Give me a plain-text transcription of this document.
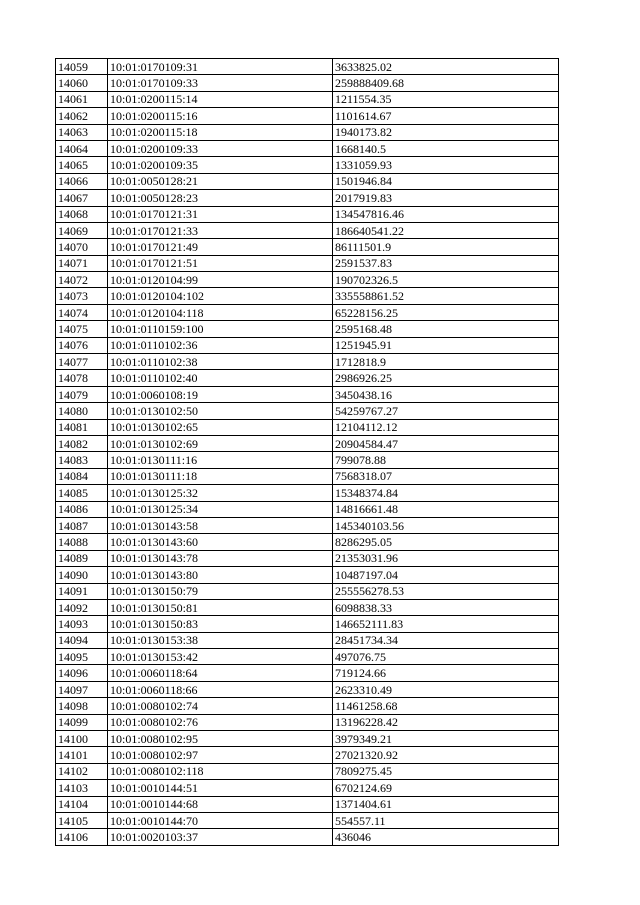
14059	10:01:0170109:31	3633825.02
14060	10:01:0170109:33	259888409.68
14061	10:01:0200115:14	1211554.35
14062	10:01:0200115:16	1101614.67
14063	10:01:0200115:18	1940173.82
14064	10:01:0200109:33	1668140.5
14065	10:01:0200109:35	1331059.93
14066	10:01:0050128:21	1501946.84
14067	10:01:0050128:23	2017919.83
14068	10:01:0170121:31	134547816.46
14069	10:01:0170121:33	186640541.22
14070	10:01:0170121:49	86111501.9
14071	10:01:0170121:51	2591537.83
14072	10:01:0120104:99	190702326.5
14073	10:01:0120104:102	335558861.52
14074	10:01:0120104:118	65228156.25
14075	10:01:0110159:100	2595168.48
14076	10:01:0110102:36	1251945.91
14077	10:01:0110102:38	1712818.9
14078	10:01:0110102:40	2986926.25
14079	10:01:0060108:19	3450438.16
14080	10:01:0130102:50	54259767.27
14081	10:01:0130102:65	12104112.12
14082	10:01:0130102:69	20904584.47
14083	10:01:0130111:16	799078.88
14084	10:01:0130111:18	7568318.07
14085	10:01:0130125:32	15348374.84
14086	10:01:0130125:34	14816661.48
14087	10:01:0130143:58	145340103.56
14088	10:01:0130143:60	8286295.05
14089	10:01:0130143:78	21353031.96
14090	10:01:0130143:80	10487197.04
14091	10:01:0130150:79	255556278.53
14092	10:01:0130150:81	6098838.33
14093	10:01:0130150:83	146652111.83
14094	10:01:0130153:38	28451734.34
14095	10:01:0130153:42	497076.75
14096	10:01:0060118:64	719124.66
14097	10:01:0060118:66	2623310.49
14098	10:01:0080102:74	11461258.68
14099	10:01:0080102:76	13196228.42
14100	10:01:0080102:95	3979349.21
14101	10:01:0080102:97	27021320.92
14102	10:01:0080102:118	7809275.45
14103	10:01:0010144:51	6702124.69
14104	10:01:0010144:68	1371404.61
14105	10:01:0010144:70	554557.11
14106	10:01:0020103:37	436046
